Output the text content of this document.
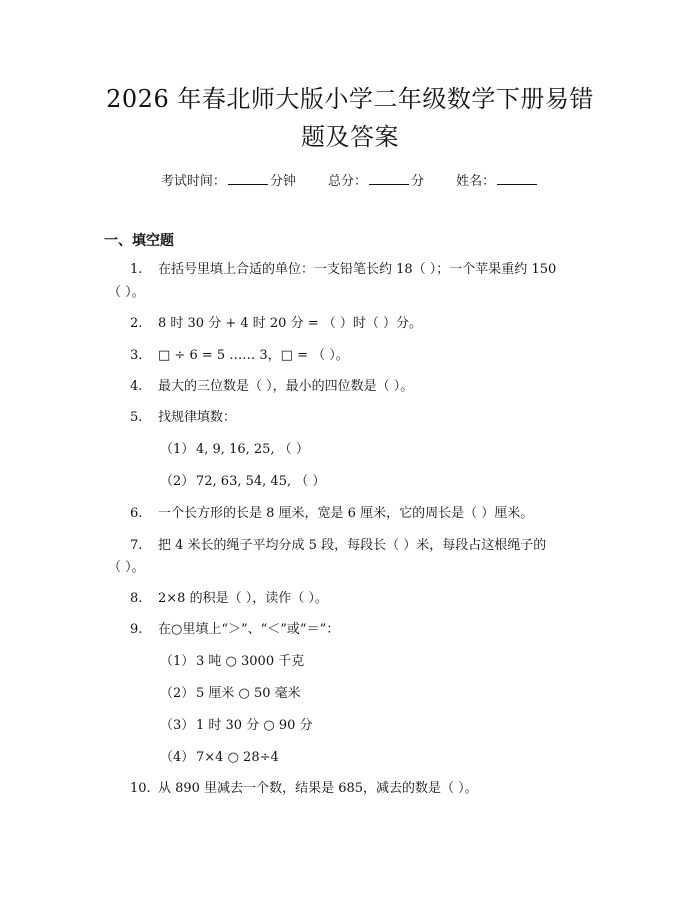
2026 年春北师大版小学二年级数学下册易错
题及答案
考试时间：	分钟 总分：	分 姓名：
一、填空题
1. 在括号里填上合适的单位：一支铅笔长约 18（ ）；一个苹果重约 150
（ ）。
2. 8 时 30 分 + 4 时 20 分 = （ ）时（ ）分。
3. □ ÷ 6 = 5 …… 3，□ = （ ）。
4. 最大的三位数是（ ），最小的四位数是（ ）。
5. 找规律填数：
（1） 4, 9, 16, 25, （ ）
（2） 72, 63, 54, 45, （ ）
6. 一个长方形的长是 8 厘米，宽是 6 厘米，它的周长是（ ）厘米。
7. 把 4 米长的绳子平均分成 5 段，每段长（ ）米，每段占这根绳子的
（ ）。
8. 2×8 的积是（ ），读作（ ）。
9. 在○里填上“＞”、“＜”或“＝”：
（1） 3 吨 ○ 3000 千克
（2） 5 厘米 ○ 50 毫米
（3） 1 时 30 分 ○ 90 分
（4） 7×4 ○ 28÷4
10. 从 890 里减去一个数，结果是 685，减去的数是（ ）。
